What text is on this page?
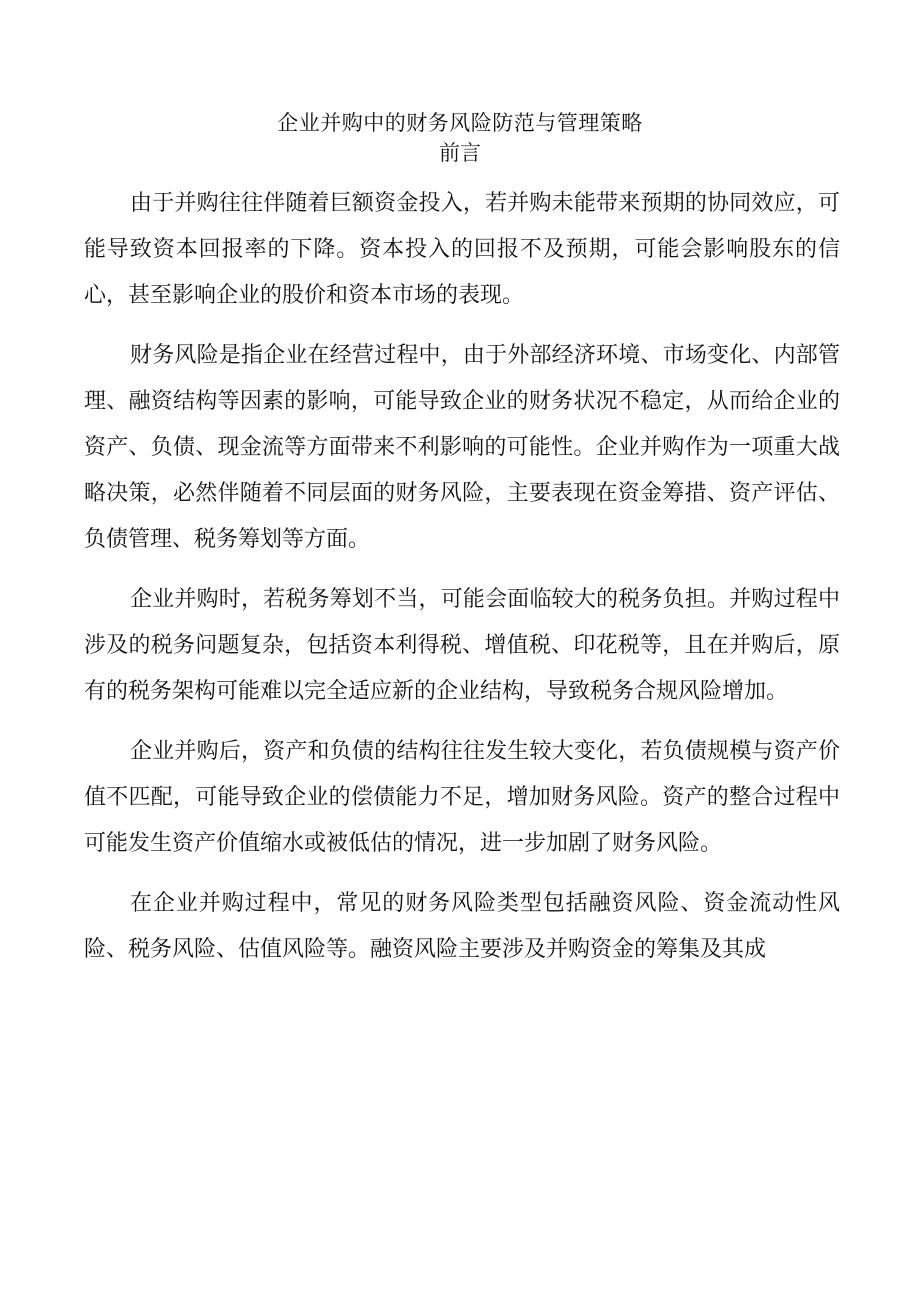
企业并购中的财务风险防范与管理策略
前言

由于并购往往伴随着巨额资金投入，若并购未能带来预期的协同效应，可能导致资本回报率的下降。资本投入的回报不及预期，可能会影响股东的信心，甚至影响企业的股价和资本市场的表现。

财务风险是指企业在经营过程中，由于外部经济环境、市场变化、内部管理、融资结构等因素的影响，可能导致企业的财务状况不稳定，从而给企业的资产、负债、现金流等方面带来不利影响的可能性。企业并购作为一项重大战略决策，必然伴随着不同层面的财务风险，主要表现在资金筹措、资产评估、负债管理、税务筹划等方面。

企业并购时，若税务筹划不当，可能会面临较大的税务负担。并购过程中涉及的税务问题复杂，包括资本利得税、增值税、印花税等，且在并购后，原有的税务架构可能难以完全适应新的企业结构，导致税务合规风险增加。

企业并购后，资产和负债的结构往往发生较大变化，若负债规模与资产价值不匹配，可能导致企业的偿债能力不足，增加财务风险。资产的整合过程中可能发生资产价值缩水或被低估的情况，进一步加剧了财务风险。

在企业并购过程中，常见的财务风险类型包括融资风险、资金流动性风险、税务风险、估值风险等。融资风险主要涉及并购资金的筹集及其成
